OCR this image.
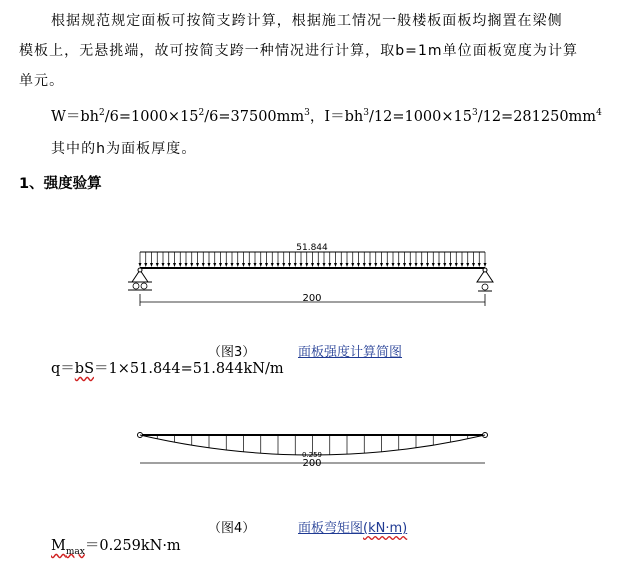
根据规范规定面板可按简支跨计算，根据施工情况一般楼板面板均搁置在梁侧
模板上，无悬挑端，故可按简支跨一种情况进行计算，取b=1m单位面板宽度为计算
单元。
$W=bh^2/6=1000\times 15^2/6=37500mm^3$，$I=bh^3/12=1000\times 15^3/12=281250mm^4$
其中的h为面板厚度。
1、强度验算
51.844
200
（图3）	面板强度计算简图
q＝bS＝1×51.844=51.844kN/m
0.259
200
（图4）	面板弯矩图(kN·m)
$M_{max}=0.259kN\cdot m$
